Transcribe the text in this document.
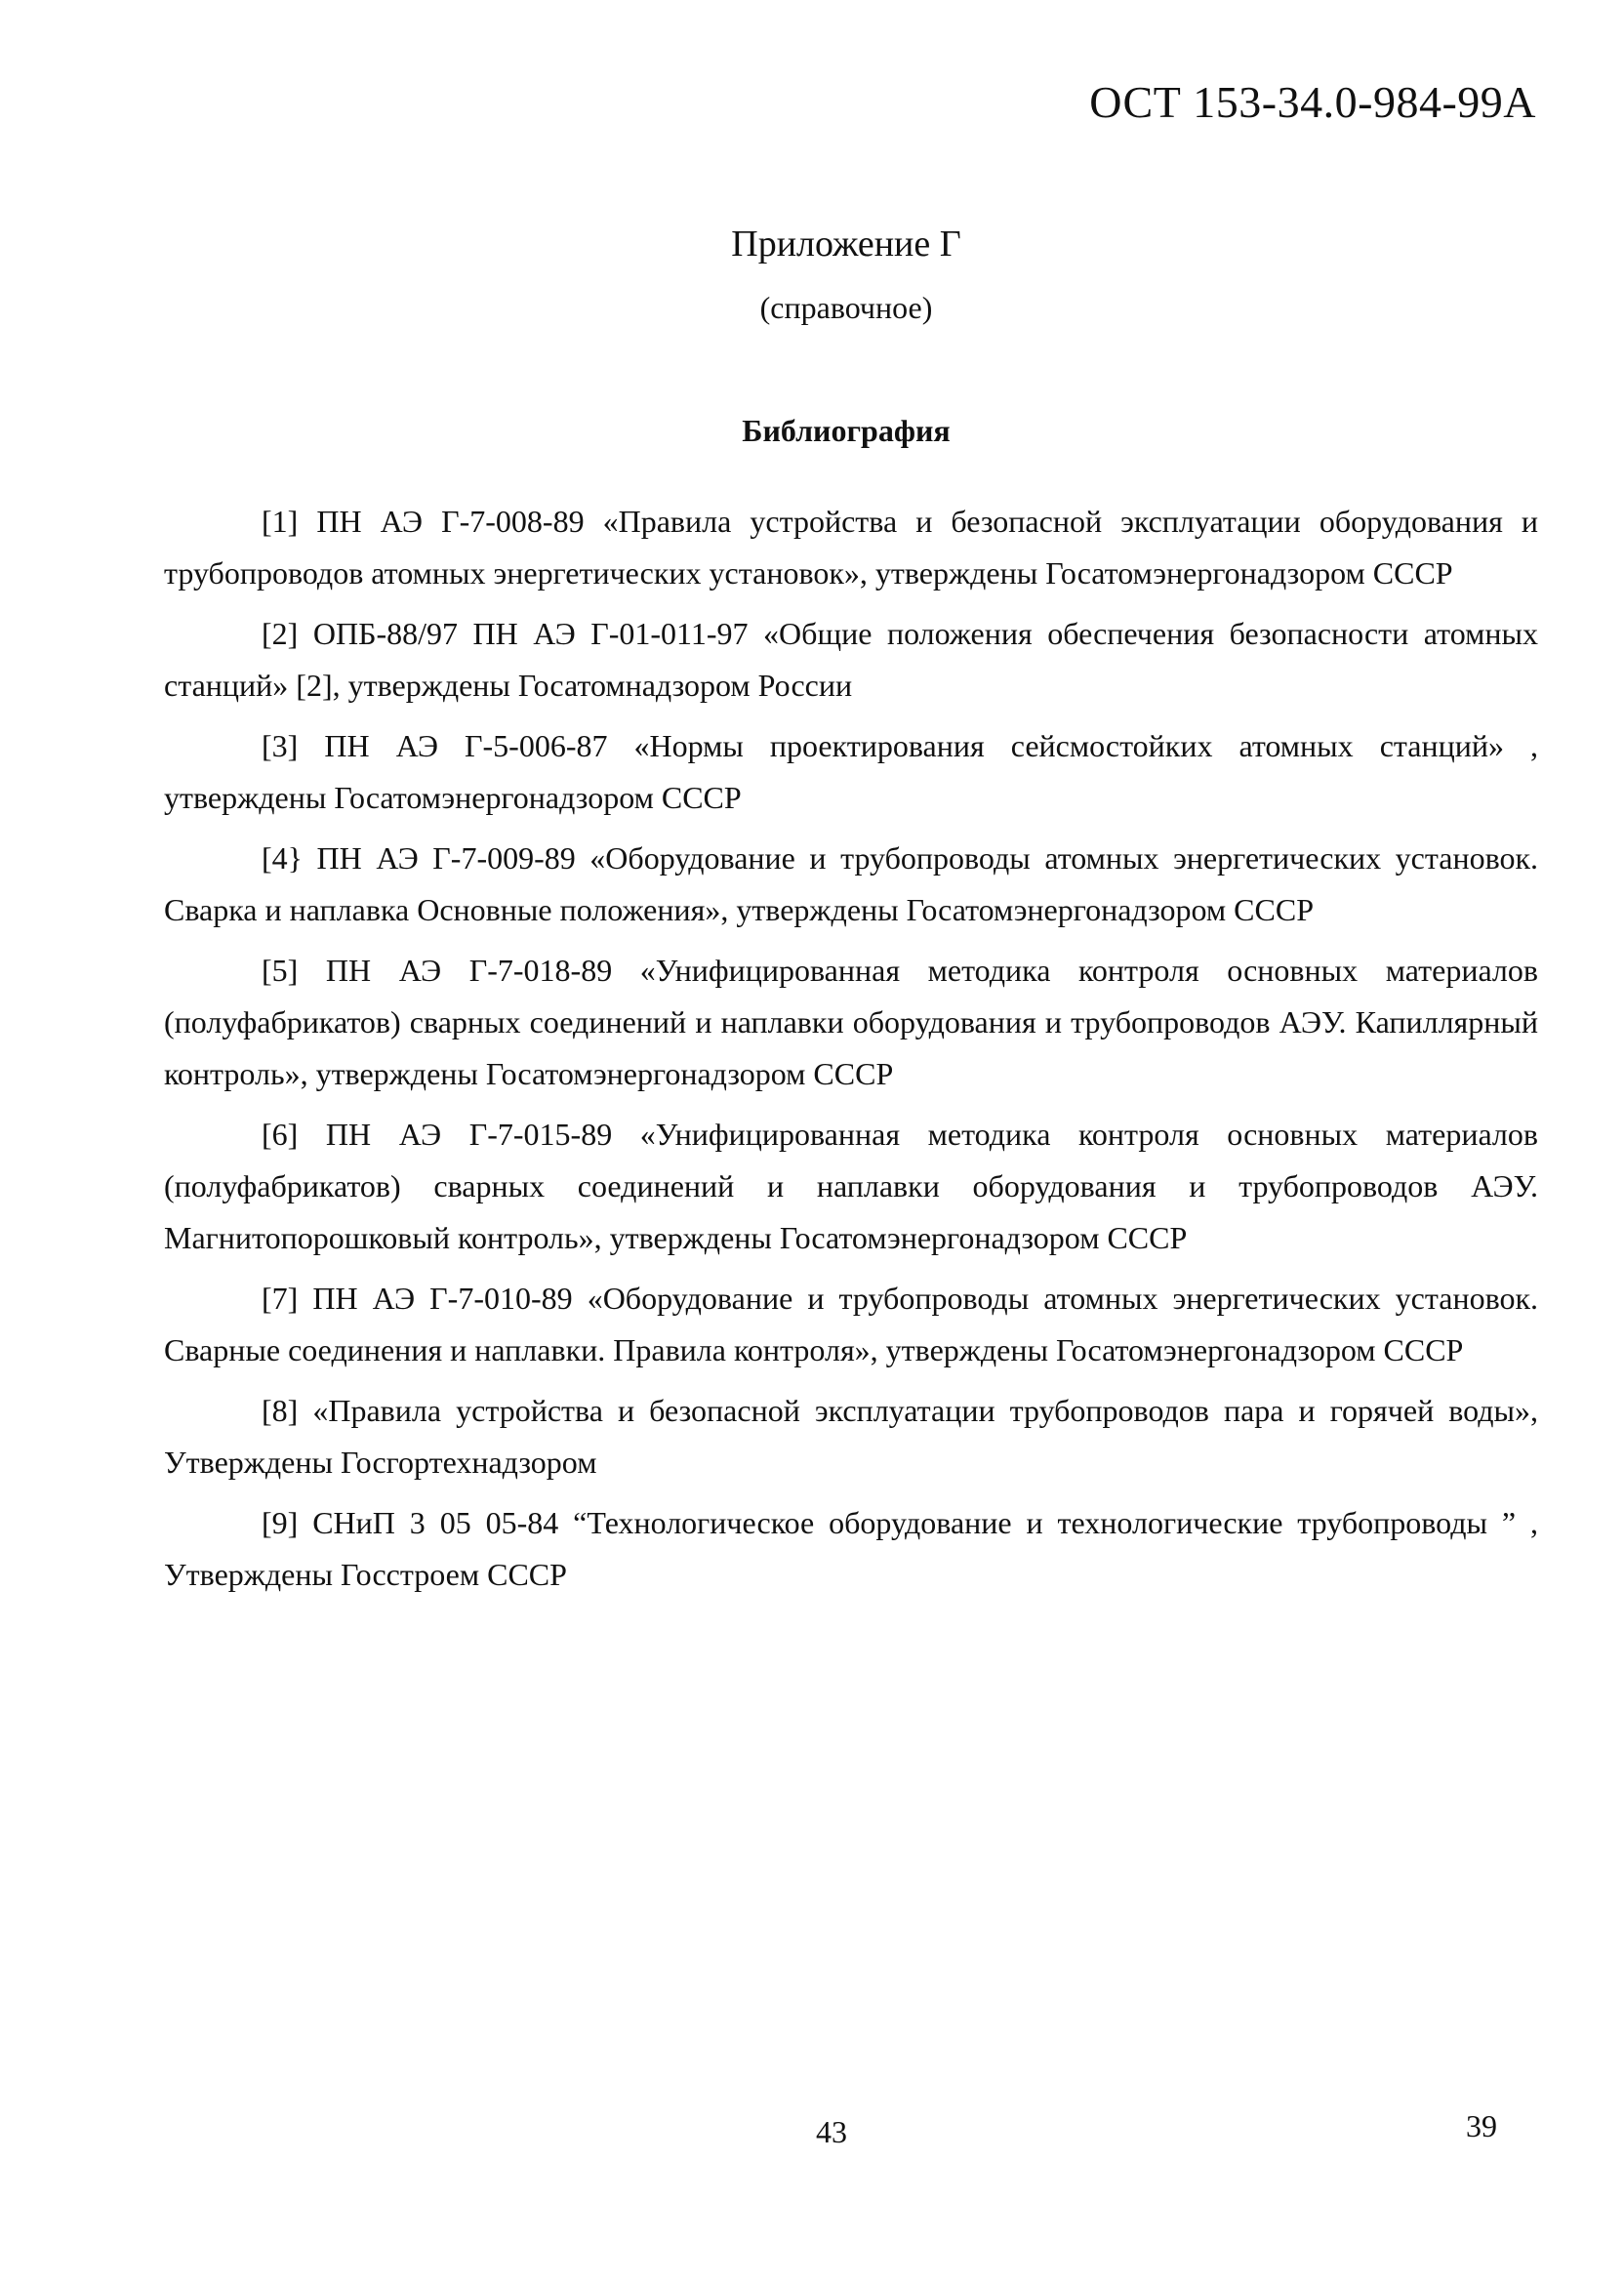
ОСТ 153-34.0-984-99А
Приложение Г
(справочное)
Библиография

[1] ПН АЭ Г-7-008-89 «Правила устройства и безопасной эксплуатации оборудования и трубопроводов атомных энергетических установок», утверждены Госатомэнергонадзором СССР

[2] ОПБ-88/97 ПН АЭ Г-01-011-97 «Общие положения обеспечения безопасности атомных станций» [2], утверждены Госатомнадзором России

[3] ПН АЭ Г-5-006-87 «Нормы проектирования сейсмостойких атомных станций» , утверждены Госатомэнергонадзором СССР

[4} ПН АЭ Г-7-009-89 «Оборудование и трубопроводы атомных энергетических установок. Сварка и наплавка Основные положения», утверждены Госатомэнергонадзором СССР

[5] ПН АЭ Г-7-018-89 «Унифицированная методика контроля основных материалов (полуфабрикатов) сварных соединений и наплавки оборудования и трубопроводов АЭУ. Капиллярный контроль», утверждены Госатомэнергонадзором СССР

[6] ПН АЭ Г-7-015-89 «Унифицированная методика контроля основных материалов (полуфабрикатов) сварных соединений и наплавки оборудования и трубопроводов АЭУ. Магнитопорошковый контроль», утверждены Госатомэнергонадзором СССР

[7] ПН АЭ Г-7-010-89 «Оборудование и трубопроводы атомных энергетических установок. Сварные соединения и наплавки. Правила контроля», утверждены Госатомэнергонадзором СССР

[8] «Правила устройства и безопасной эксплуатации трубопроводов пара и горячей воды», Утверждены Госгортехнадзором

[9] СНиП 3 05 05-84 “Технологическое оборудование и технологические трубопроводы ” , Утверждены Госстроем СССР

43	39
